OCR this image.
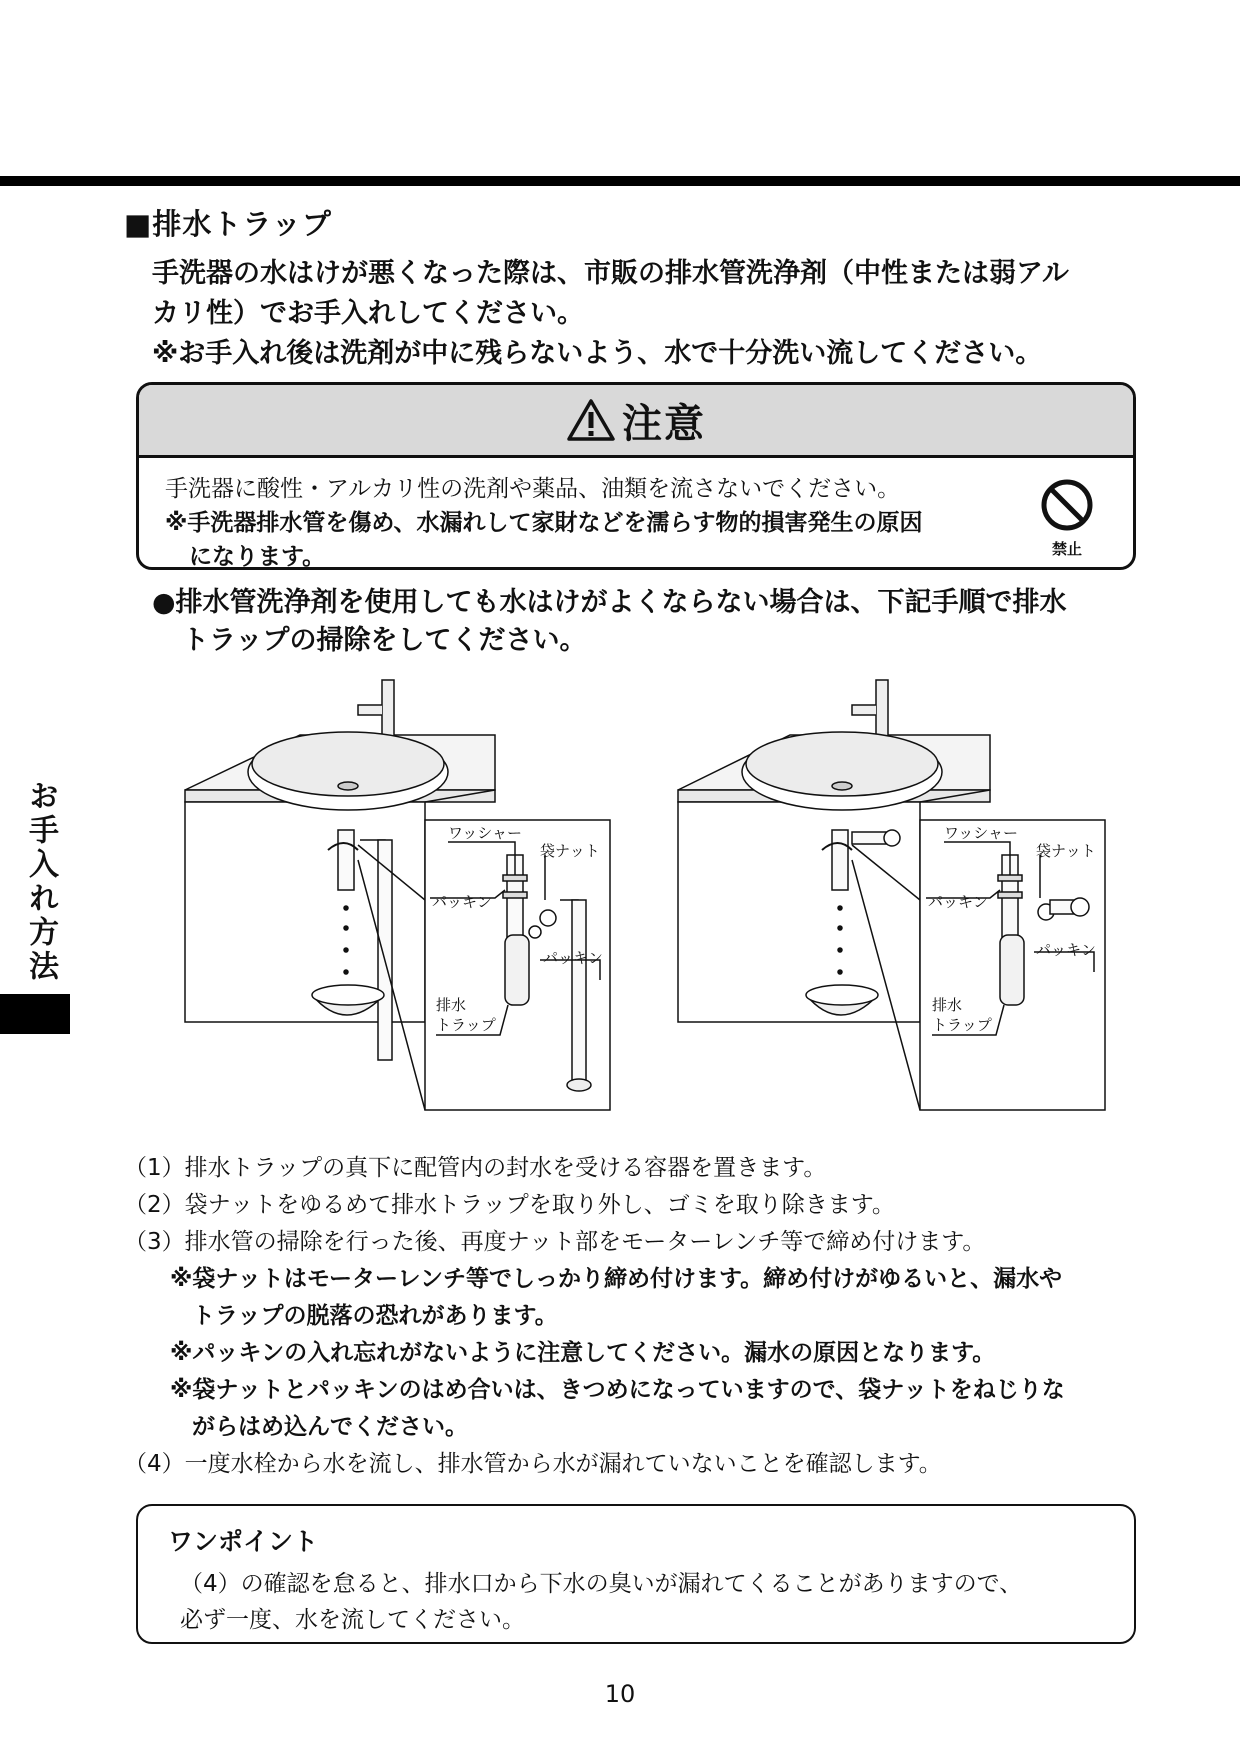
■排水トラップ
手洗器の水はけが悪くなった際は、市販の排水管洗浄剤（中性または弱アル
カリ性）でお手入れしてください。
※お手入れ後は洗剤が中に残らないよう、水で十分洗い流してください。
注意
手洗器に酸性・アルカリ性の洗剤や薬品、油類を流さないでください。
※手洗器排水管を傷め、水漏れして家財などを濡らす物的損害発生の原因
になります。	禁止
●排水管洗浄剤を使用しても水はけがよくならない場合は、下記手順で排水
トラップの掃除をしてください。
ワッシャー
袋ナット
パッキン
パッキン
排水
トラップ
ワッシャー
袋ナット
パッキン
パッキン
排水
トラップ
お手入れ方法
（1）排水トラップの真下に配管内の封水を受ける容器を置きます。
（2）袋ナットをゆるめて排水トラップを取り外し、ゴミを取り除きます。
（3）排水管の掃除を行った後、再度ナット部をモーターレンチ等で締め付けます。
※袋ナットはモーターレンチ等でしっかり締め付けます。締め付けがゆるいと、漏水や
トラップの脱落の恐れがあります。
※パッキンの入れ忘れがないように注意してください。漏水の原因となります。
※袋ナットとパッキンのはめ合いは、きつめになっていますので、袋ナットをねじりな
がらはめ込んでください。
（4）一度水栓から水を流し、排水管から水が漏れていないことを確認します。
ワンポイント
（4）の確認を怠ると、排水口から下水の臭いが漏れてくることがありますので、
必ず一度、水を流してください。
10
